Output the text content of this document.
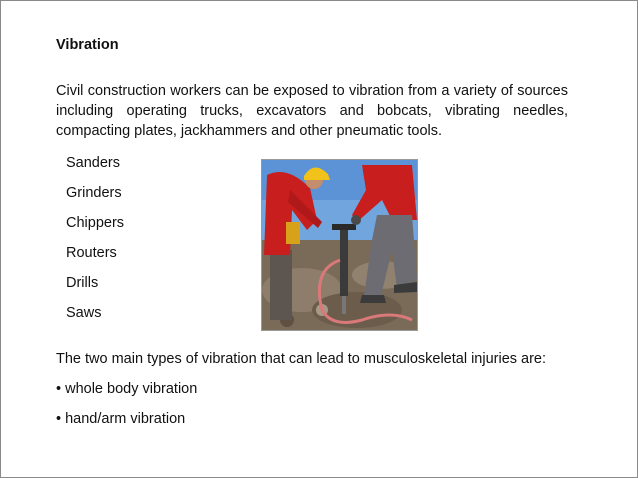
Vibration
Civil construction workers can be exposed to vibration from a variety of sources including operating trucks, excavators and bobcats, vibrating needles, compacting plates, jackhammers and other pneumatic tools.
Sanders
Grinders
Chippers
Routers
Drills
Saws
The two main types of vibration that can lead to musculoskeletal injuries are:
• whole body vibration
• hand/arm vibration
